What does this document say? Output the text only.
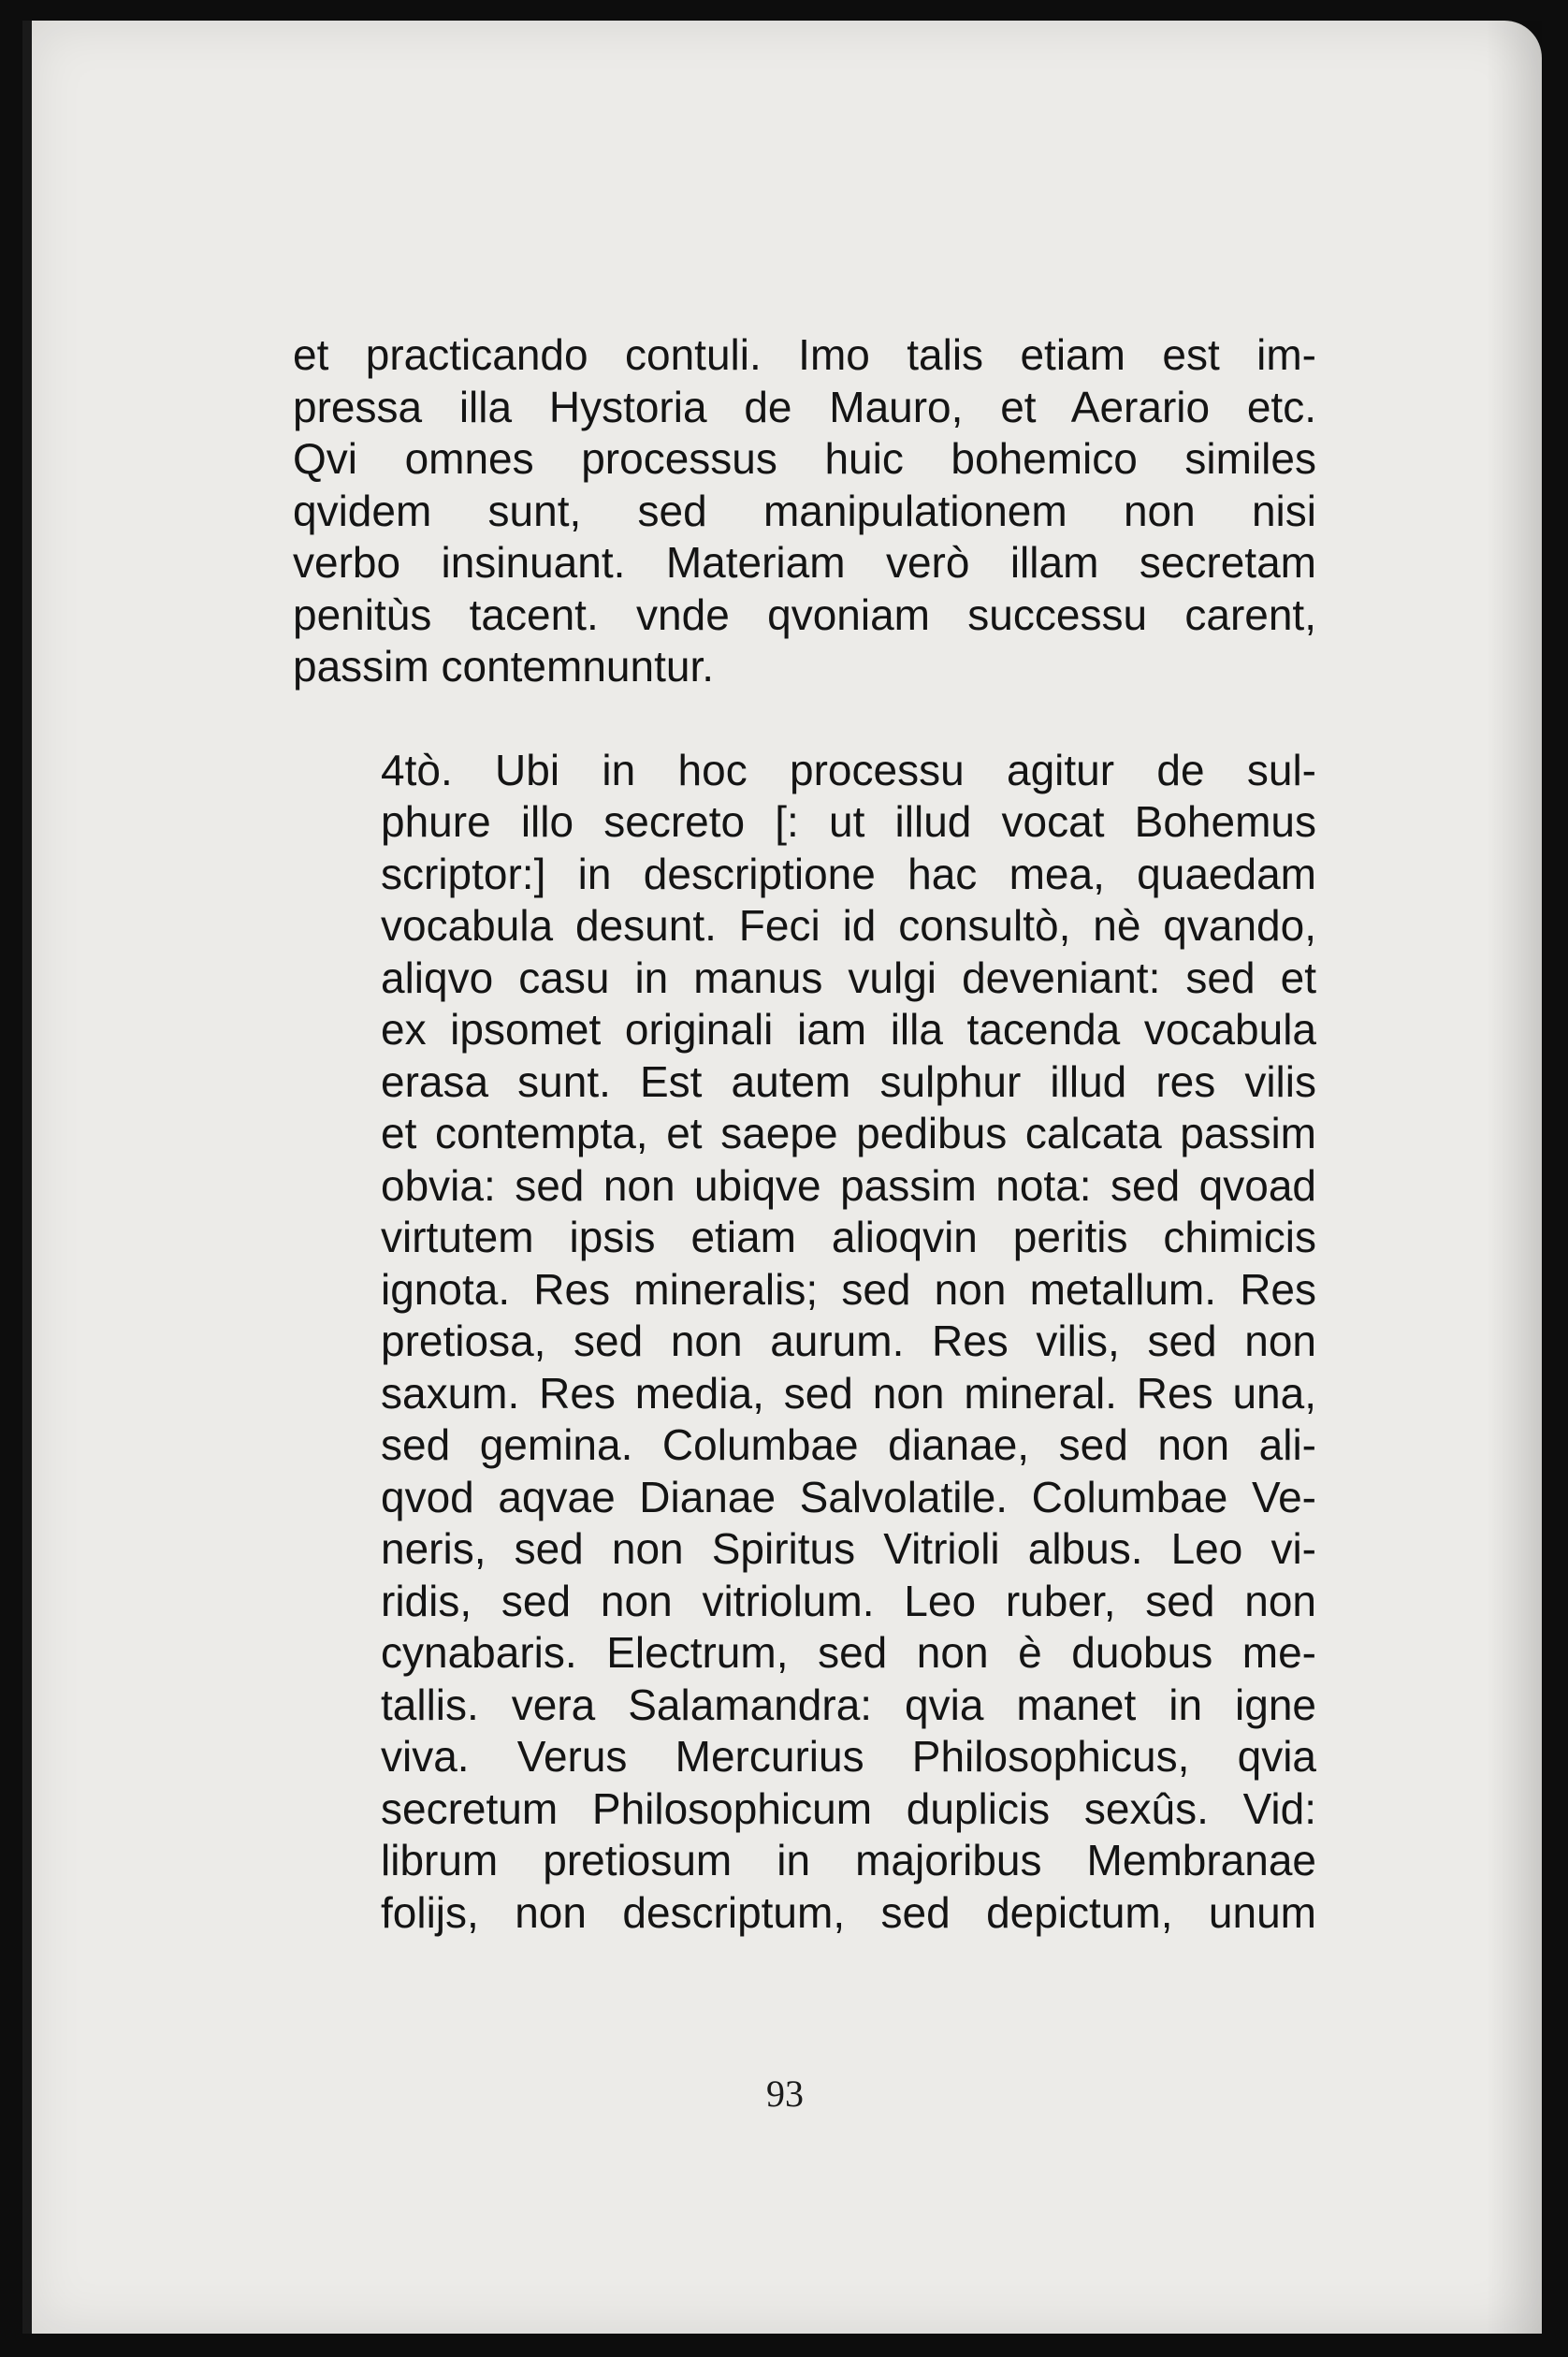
et practicando contuli. Imo talis etiam est im-
pressa illa Hystoria de Mauro, et Aerario etc.
Qvi omnes processus huic bohemico similes
qvidem sunt, sed manipulationem non nisi
verbo insinuant. Materiam verò illam secretam
penitùs tacent. vnde qvoniam successu carent,
passim contemnuntur.

4tò. Ubi in hoc processu agitur de sul-
phure illo secreto [: ut illud vocat Bohemus
scriptor:] in descriptione hac mea, quaedam
vocabula desunt. Feci id consultò, nè qvando,
aliqvo casu in manus vulgi deveniant: sed et
ex ipsomet originali iam illa tacenda vocabula
erasa sunt. Est autem sulphur illud res vilis
et contempta, et saepe pedibus calcata passim
obvia: sed non ubiqve passim nota: sed qvoad
virtutem ipsis etiam alioqvin peritis chimicis
ignota. Res mineralis; sed non metallum. Res
pretiosa, sed non aurum. Res vilis, sed non
saxum. Res media, sed non mineral. Res una,
sed gemina. Columbae dianae, sed non ali-
qvod aqvae Dianae Salvolatile. Columbae Ve-
neris, sed non Spiritus Vitrioli albus. Leo vi-
ridis, sed non vitriolum. Leo ruber, sed non
cynabaris. Electrum, sed non è duobus me-
tallis. vera Salamandra: qvia manet in igne
viva. Verus Mercurius Philosophicus, qvia
secretum Philosophicum duplicis sexûs. Vid:
librum pretiosum in majoribus Membranae
folijs, non descriptum, sed depictum, unum

93
